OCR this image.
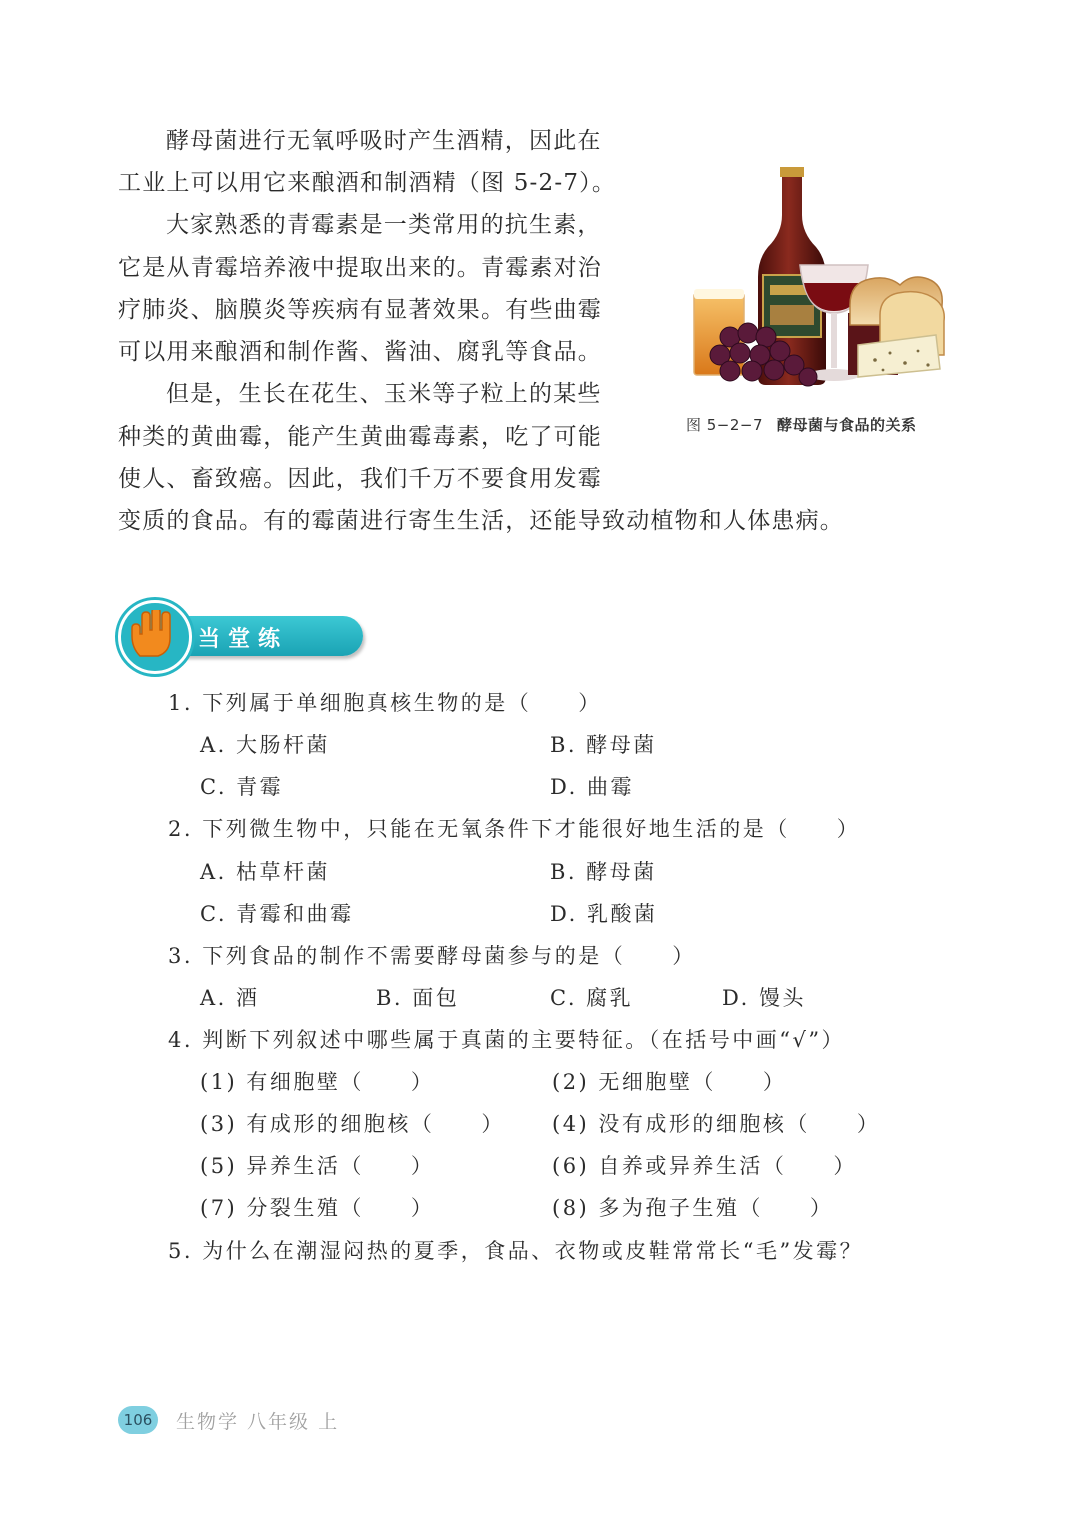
酵母菌进行无氧呼吸时产生酒精，因此在
工业上可以用它来酿酒和制酒精（图 5-2-7）。
大家熟悉的青霉素是一类常用的抗生素，
它是从青霉培养液中提取出来的。青霉素对治
疗肺炎、脑膜炎等疾病有显著效果。有些曲霉
可以用来酿酒和制作酱、酱油、腐乳等食品。
但是，生长在花生、玉米等子粒上的某些
种类的黄曲霉，能产生黄曲霉毒素，吃了可能
使人、畜致癌。因此，我们千万不要食用发霉
变质的食品。有的霉菌进行寄生生活，还能导致动植物和人体患病。
图 5−2−7 酵母菌与食品的关系
当堂练
1. 下列属于单细胞真核生物的是（　　）
A. 大肠杆菌	B. 酵母菌
C. 青霉	D. 曲霉
2. 下列微生物中，只能在无氧条件下才能很好地生活的是（　　）
A. 枯草杆菌	B. 酵母菌
C. 青霉和曲霉	D. 乳酸菌
3. 下列食品的制作不需要酵母菌参与的是（　　）
A. 酒	B. 面包	C. 腐乳	D. 馒头
4. 判断下列叙述中哪些属于真菌的主要特征。（在括号中画“√”）
(1) 有细胞壁（　　）	(2) 无细胞壁（　　）
(3) 有成形的细胞核（　　） (4) 没有成形的细胞核（　　）
(5) 异养生活（　　）	(6) 自养或异养生活（　　）
(7) 分裂生殖（　　）	(8) 多为孢子生殖（　　）
5. 为什么在潮湿闷热的夏季，食品、衣物或皮鞋常常长“毛”发霉？
106 生物学 八年级 上
